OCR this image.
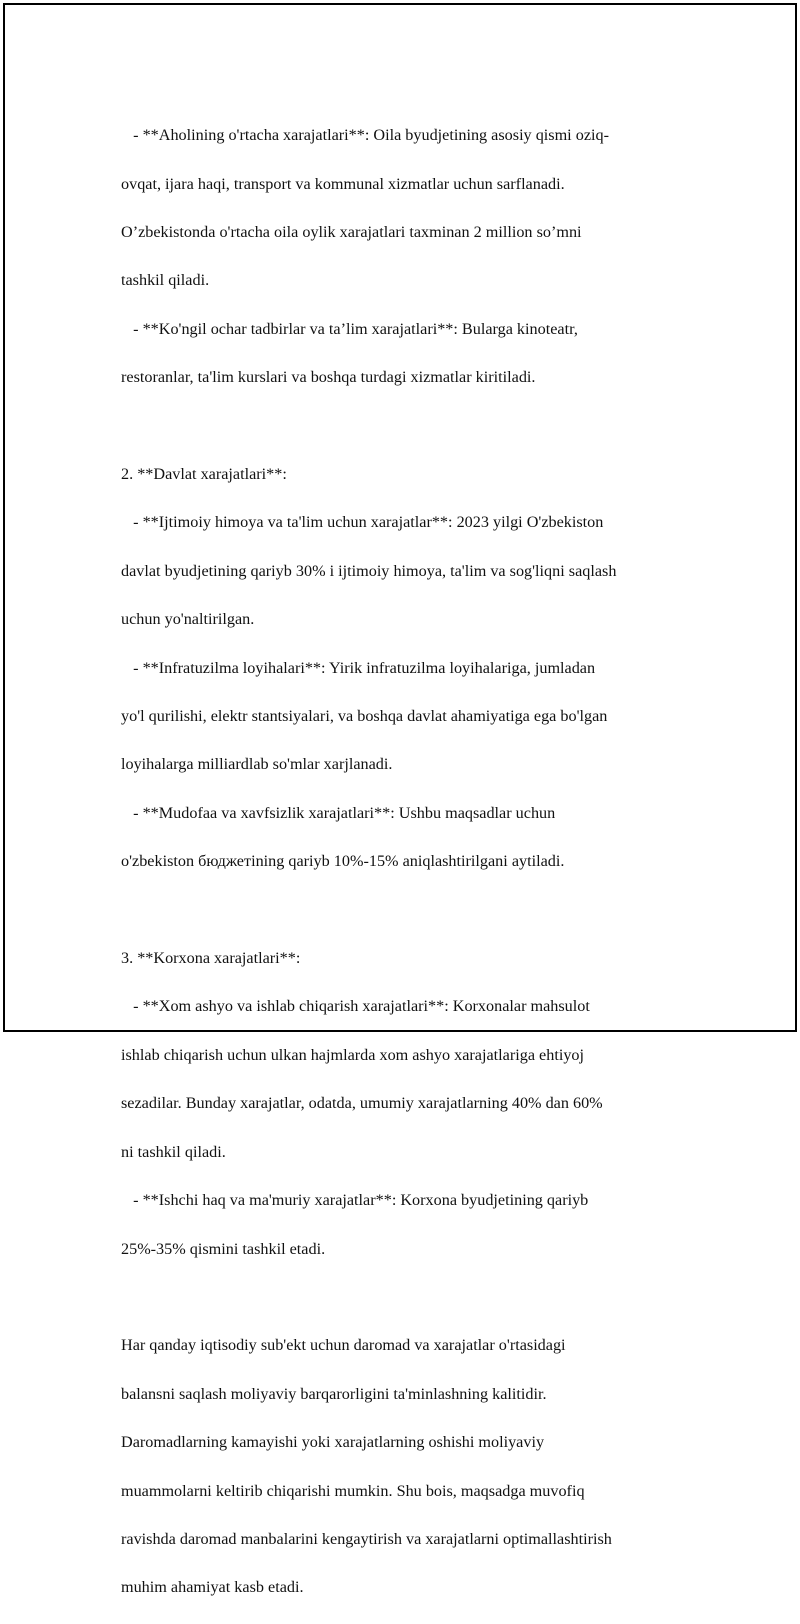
- **Aholining o'rtacha xarajatlari**: Oila byudjetining asosiy qismi oziq-

ovqat, ijara haqi, transport va kommunal xizmatlar uchun sarflanadi.

O’zbekistonda o'rtacha oila oylik xarajatlari taxminan 2 million so’mni

tashkil qiladi.

- **Ko'ngil ochar tadbirlar va ta’lim xarajatlari**: Bularga kinoteatr,

restoranlar, ta'lim kurslari va boshqa turdagi xizmatlar kiritiladi.

2. **Davlat xarajatlari**:

- **Ijtimoiy himoya va ta'lim uchun xarajatlar**: 2023 yilgi O'zbekiston

davlat byudjetining qariyb 30% i ijtimoiy himoya, ta'lim va sog'liqni saqlash

uchun yo'naltirilgan.

- **Infratuzilma loyihalari**: Yirik infratuzilma loyihalariga, jumladan

yo'l qurilishi, elektr stantsiyalari, va boshqa davlat ahamiyatiga ega bo'lgan

loyihalarga milliardlab so'mlar xarjlanadi.

- **Mudofaa va xavfsizlik xarajatlari**: Ushbu maqsadlar uchun

o'zbekiston бюджетining qariyb 10%-15% aniqlashtirilgani aytiladi.

3. **Korxona xarajatlari**:

- **Xom ashyo va ishlab chiqarish xarajatlari**: Korxonalar mahsulot

ishlab chiqarish uchun ulkan hajmlarda xom ashyo xarajatlariga ehtiyoj

sezadilar. Bunday xarajatlar, odatda, umumiy xarajatlarning 40% dan 60%

ni tashkil qiladi.

- **Ishchi haq va ma'muriy xarajatlar**: Korxona byudjetining qariyb

25%-35% qismini tashkil etadi.

Har qanday iqtisodiy sub'ekt uchun daromad va xarajatlar o'rtasidagi

balansni saqlash moliyaviy barqarorligini ta'minlashning kalitidir.

Daromadlarning kamayishi yoki xarajatlarning oshishi moliyaviy

muammolarni keltirib chiqarishi mumkin. Shu bois, maqsadga muvofiq

ravishda daromad manbalarini kengaytirish va xarajatlarni optimallashtirish

muhim ahamiyat kasb etadi.
